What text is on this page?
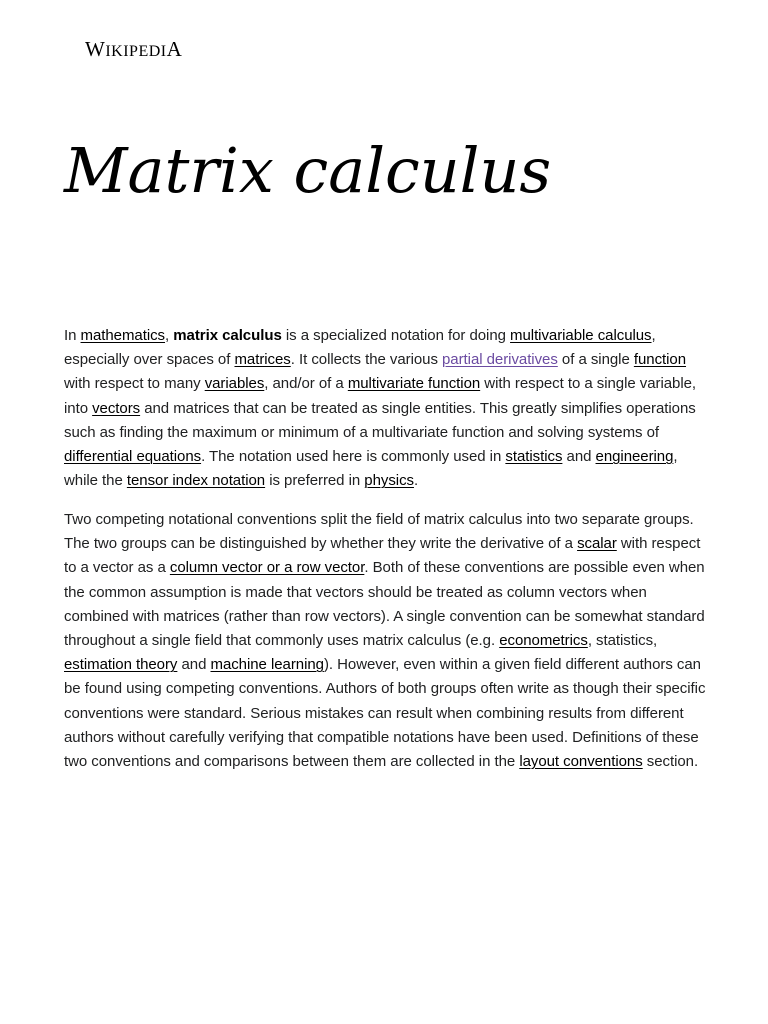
WIKIPEDIA
Matrix calculus

In mathematics, matrix calculus is a specialized notation for doing multivariable calculus, especially over spaces of matrices. It collects the various partial derivatives of a single function with respect to many variables, and/or of a multivariate function with respect to a single variable, into vectors and matrices that can be treated as single entities. This greatly simplifies operations such as finding the maximum or minimum of a multivariate function and solving systems of differential equations. The notation used here is commonly used in statistics and engineering, while the tensor index notation is preferred in physics.

Two competing notational conventions split the field of matrix calculus into two separate groups. The two groups can be distinguished by whether they write the derivative of a scalar with respect to a vector as a column vector or a row vector. Both of these conventions are possible even when the common assumption is made that vectors should be treated as column vectors when combined with matrices (rather than row vectors). A single convention can be somewhat standard throughout a single field that commonly uses matrix calculus (e.g. econometrics, statistics, estimation theory and machine learning). However, even within a given field different authors can be found using competing conventions. Authors of both groups often write as though their specific conventions were standard. Serious mistakes can result when combining results from different authors without carefully verifying that compatible notations have been used. Definitions of these two conventions and comparisons between them are collected in the layout conventions section.
